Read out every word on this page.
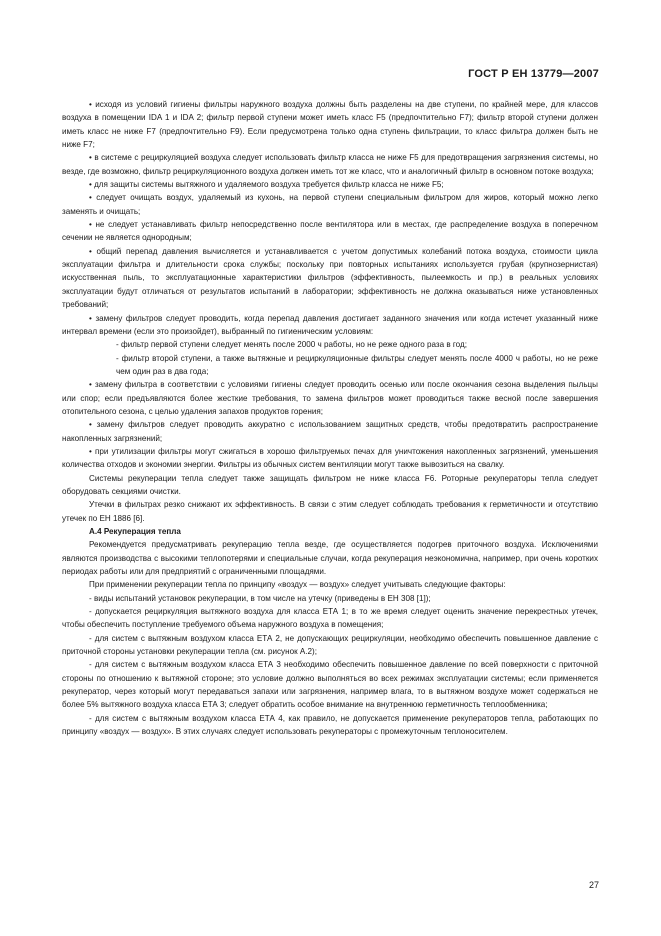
ГОСТ Р ЕН 13779—2007

• исходя из условий гигиены фильтры наружного воздуха должны быть разделены на две ступени, по крайней мере, для классов воздуха в помещении IDA 1 и IDA 2; фильтр первой ступени может иметь класс F5 (предпочтительно F7); фильтр второй ступени должен иметь класс не ниже F7 (предпочтительно F9). Если предусмотрена только одна ступень фильтрации, то класс фильтра должен быть не ниже F7;

• в системе с рециркуляцией воздуха следует использовать фильтр класса не ниже F5 для предотвращения загрязнения системы, но везде, где возможно, фильтр рециркуляционного воздуха должен иметь тот же класс, что и аналогичный фильтр в основном потоке воздуха;

• для защиты системы вытяжного и удаляемого воздуха требуется фильтр класса не ниже F5;

• следует очищать воздух, удаляемый из кухонь, на первой ступени специальным фильтром для жиров, который можно легко заменять и очищать;

• не следует устанавливать фильтр непосредственно после вентилятора или в местах, где распределение воздуха в поперечном сечении не является однородным;

• общий перепад давления вычисляется и устанавливается с учетом допустимых колебаний потока воздуха, стоимости цикла эксплуатации фильтра и длительности срока службы; поскольку при повторных испытаниях используется грубая (крупнозернистая) искусственная пыль, то эксплуатационные характеристики фильтров (эффективность, пылеемкость и пр.) в реальных условиях эксплуатации будут отличаться от результатов испытаний в лаборатории; эффективность не должна оказываться ниже установленных требований;

• замену фильтров следует проводить, когда перепад давления достигает заданного значения или когда истечет указанный ниже интервал времени (если это произойдет), выбранный по гигиеническим условиям:

- фильтр первой ступени следует менять после 2000 ч работы, но не реже одного раза в год;

- фильтр второй ступени, а также вытяжные и рециркуляционные фильтры следует менять после 4000 ч работы, но не реже чем один раз в два года;

• замену фильтра в соответствии с условиями гигиены следует проводить осенью или после окончания сезона выделения пыльцы или спор; если предъявляются более жесткие требования, то замена фильтров может проводиться также весной после завершения отопительного сезона, с целью удаления запахов продуктов горения;

• замену фильтров следует проводить аккуратно с использованием защитных средств, чтобы предотвратить распространение накопленных загрязнений;

• при утилизации фильтры могут сжигаться в хорошо фильтруемых печах для уничтожения накопленных загрязнений, уменьшения количества отходов и экономии энергии. Фильтры из обычных систем вентиляции могут также вывозиться на свалку.

Системы рекуперации тепла следует также защищать фильтром не ниже класса F6. Роторные рекуператоры тепла следует оборудовать секциями очистки.

Утечки в фильтрах резко снижают их эффективность. В связи с этим следует соблюдать требования к герметичности и отсутствию утечек по ЕН 1886 [6].

А.4 Рекуперация тепла

Рекомендуется предусматривать рекуперацию тепла везде, где осуществляется подогрев приточного воздуха. Исключениями являются производства с высокими теплопотерями и специальные случаи, когда рекуперация неэкономична, например, при очень коротких периодах работы или для предприятий с ограниченными площадями.

При применении рекуперации тепла по принципу «воздух — воздух» следует учитывать следующие факторы:

- виды испытаний установок рекуперации, в том числе на утечку (приведены в ЕН 308 [1]);

- допускается рециркуляция вытяжного воздуха для класса ЕТА 1; в то же время следует оценить значение перекрестных утечек, чтобы обеспечить поступление требуемого объема наружного воздуха в помещения;

- для систем с вытяжным воздухом класса ЕТА 2, не допускающих рециркуляции, необходимо обеспечить повышенное давление с приточной стороны установки рекуперации тепла (см. рисунок А.2);

- для систем с вытяжным воздухом класса ЕТА 3 необходимо обеспечить повышенное давление по всей поверхности с приточной стороны по отношению к вытяжной стороне; это условие должно выполняться во всех режимах эксплуатации системы; если применяется рекуператор, через который могут передаваться запахи или загрязнения, например влага, то в вытяжном воздухе может содержаться не более 5% вытяжного воздуха класса ЕТА 3; следует обратить особое внимание на внутреннюю герметичность теплообменника;

- для систем с вытяжным воздухом класса ЕТА 4, как правило, не допускается применение рекуператоров тепла, работающих по принципу «воздух — воздух». В этих случаях следует использовать рекуператоры с промежуточным теплоносителем.

27
